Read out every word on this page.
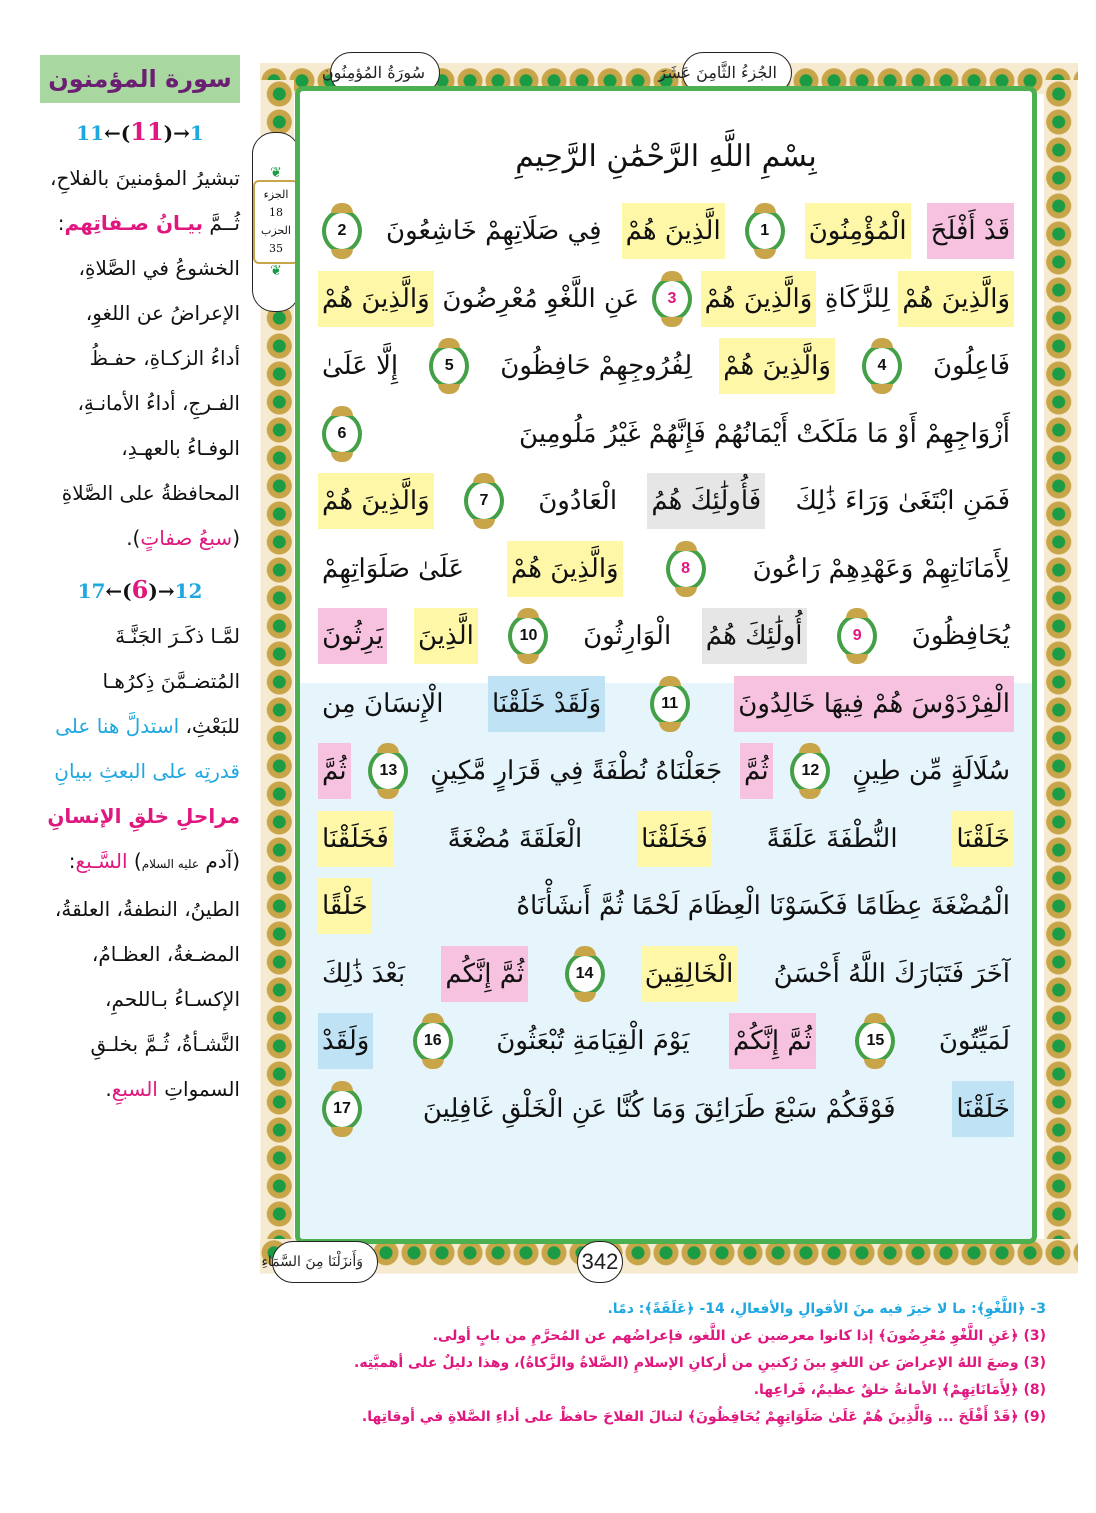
سورة المؤمنون
11←(11)→1

تبشيرُ المؤمنينَ بالفلاحِ،

ثُــمَّ بيـانُ صـفاتِهم:

الخشوعُ في الصَّلاةِ،

الإعراضُ عن اللغوِ،

أداءُ الزكـاةِ، حفـظُ

الفـرجِ، أداءُ الأمانـةِ،

الوفـاءُ بالعهـدِ،

المحافظةُ على الصَّلاةِ

(سبعُ صفاتٍ).

17←(6)→12

لمَّـا ذكَـرَ الجَنَّـةَ

المُتضـمَّنَ ذِكرُهـا

للبَعْثِ، استدلَّ هنا على

قدرتِه على البعثِ ببيانِ

مراحلِ خلقِ الإنسانِ

(آدم عليه السلام) السَّـبع:

الطينُ، النطفةُ، العلقةُ،

المضـغةُ، العظـامُ،

الإكسـاءُ بـاللحمِ،

النَّشـأةُ، ثُـمَّ بخلـقِ

السمواتِ السبعِ.

سُورَةُ المُؤمِنُون	الجُزءُ الثَّامِنَ عَشَرَ
❦
الجزء 18
الحزب 35
❦
بِسْمِ اللَّهِ الرَّحْمَٰنِ الرَّحِيمِ
قَدْ أَفْلَحَ
الْمُؤْمِنُونَ
1
الَّذِينَ هُمْ
فِي صَلَاتِهِمْ خَاشِعُونَ
2
وَالَّذِينَ هُمْ
لِلزَّكَاةِ
وَالَّذِينَ هُمْ
3
عَنِ اللَّغْوِ مُعْرِضُونَ
وَالَّذِينَ هُمْ
فَاعِلُونَ
4
وَالَّذِينَ هُمْ
لِفُرُوجِهِمْ حَافِظُونَ
5
إِلَّا عَلَىٰ
أَزْوَاجِهِمْ أَوْ مَا مَلَكَتْ أَيْمَانُهُمْ فَإِنَّهُمْ غَيْرُ مَلُومِينَ
6
فَمَنِ ابْتَغَىٰ وَرَاءَ ذَٰلِكَ
فَأُولَٰئِكَ هُمُ
الْعَادُونَ
7
وَالَّذِينَ هُمْ
لِأَمَانَاتِهِمْ وَعَهْدِهِمْ رَاعُونَ
8
وَالَّذِينَ هُمْ
عَلَىٰ صَلَوَاتِهِمْ
يُحَافِظُونَ
9
أُولَٰئِكَ هُمُ
الْوَارِثُونَ
10
الَّذِينَ
يَرِثُونَ
الْفِرْدَوْسَ هُمْ فِيهَا خَالِدُونَ
11
وَلَقَدْ خَلَقْنَا
الْإِنسَانَ مِن
سُلَالَةٍ مِّن طِينٍ
12
ثُمَّ
جَعَلْنَاهُ نُطْفَةً فِي قَرَارٍ مَّكِينٍ
13
ثُمَّ
خَلَقْنَا
النُّطْفَةَ عَلَقَةً
فَخَلَقْنَا
الْعَلَقَةَ مُضْغَةً
فَخَلَقْنَا
الْمُضْغَةَ عِظَامًا فَكَسَوْنَا الْعِظَامَ لَحْمًا ثُمَّ أَنشَأْنَاهُ
خَلْقًا
آخَرَ فَتَبَارَكَ اللَّهُ أَحْسَنُ
الْخَالِقِينَ
14
ثُمَّ إِنَّكُم
بَعْدَ ذَٰلِكَ
لَمَيِّتُونَ
15
ثُمَّ إِنَّكُمْ
يَوْمَ الْقِيَامَةِ تُبْعَثُونَ
16
وَلَقَدْ
خَلَقْنَا
فَوْقَكُمْ سَبْعَ طَرَائِقَ وَمَا كُنَّا عَنِ الْخَلْقِ غَافِلِينَ
17
وَأَنزَلْنَا مِنَ السَّمَاءِ	342
3- ﴿اللَّغْوِ﴾: ما لا خيرَ فيه منَ الأقوالِ والأفعالِ، 14- ﴿عَلَقَةً﴾: دمًا.
(3) ﴿عَنِ اللَّغْوِ مُعْرِضُونَ﴾ إذا كانوا معرضين عن اللَّغو، فإعراضُهم عن المُحرَّمِ من بابٍ أولى.
(3) وضعَ اللهُ الإعراضَ عن اللغوِ بينَ رُكنينِ من أركانِ الإسلامِ (الصَّلاةُ والزَّكاةُ)، وهذا دليلٌ على أهميَّتِه.
(8) ﴿لِأَمَانَاتِهِمْ﴾ الأمانةُ خلقٌ عظيمٌ، فَراعِها.
(9) ﴿قَدْ أَفْلَحَ ... وَالَّذِينَ هُمْ عَلَىٰ صَلَوَاتِهِمْ يُحَافِظُونَ﴾ لتنالَ الفلاحَ حافظْ على أداءِ الصَّلاةِ في أوقاتِها.
